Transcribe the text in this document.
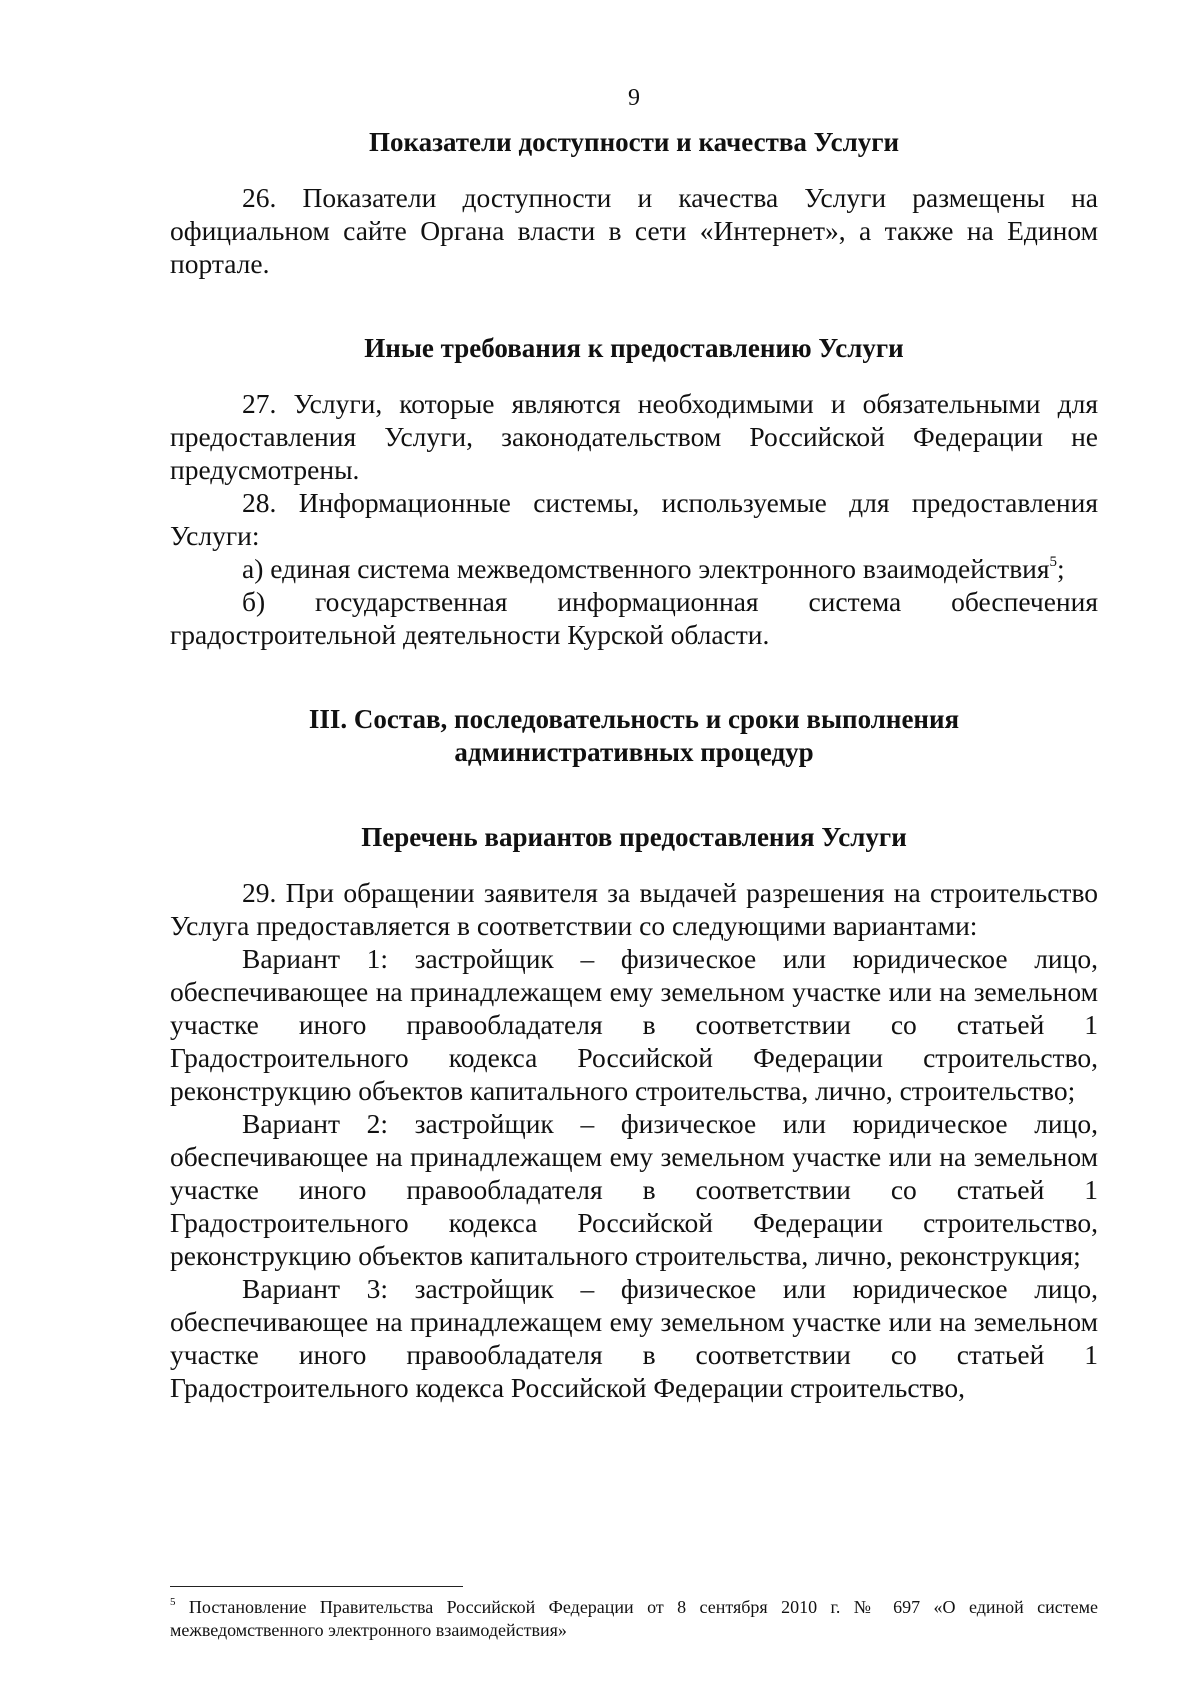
9

Показатели доступности и качества Услуги

26. Показатели доступности и качества Услуги размещены на официальном сайте Органа власти в сети «Интернет», а также на Едином портале.

Иные требования к предоставлению Услуги

27. Услуги, которые являются необходимыми и обязательными для предоставления Услуги, законодательством Российской Федерации не предусмотрены.

28. Информационные системы, используемые для предоставления Услуги:

а) единая система межведомственного электронного взаимодействия$^5$;

б) государственная информационная система обеспечения градостроительной деятельности Курской области.

III. Состав, последовательность и сроки выполнения

административных процедур

Перечень вариантов предоставления Услуги

29. При обращении заявителя за выдачей разрешения на строительство Услуга предоставляется в соответствии со следующими вариантами:

Вариант 1: застройщик – физическое или юридическое лицо, обеспечивающее на принадлежащем ему земельном участке или на земельном участке иного правообладателя в соответствии со статьей 1 Градостроительного кодекса Российской Федерации строительство, реконструкцию объектов капитального строительства, лично, строительство;

Вариант 2: застройщик – физическое или юридическое лицо, обеспечивающее на принадлежащем ему земельном участке или на земельном участке иного правообладателя в соответствии со статьей 1 Градостроительного кодекса Российской Федерации строительство, реконструкцию объектов капитального строительства, лично, реконструкция;

Вариант 3: застройщик – физическое или юридическое лицо, обеспечивающее на принадлежащем ему земельном участке или на земельном участке иного правообладателя в соответствии со статьей 1 Градостроительного кодекса Российской Федерации строительство,

$^5$ Постановление Правительства Российской Федерации от 8 сентября 2010 г. № 697 «О единой системе межведомственного электронного взаимодействия»
